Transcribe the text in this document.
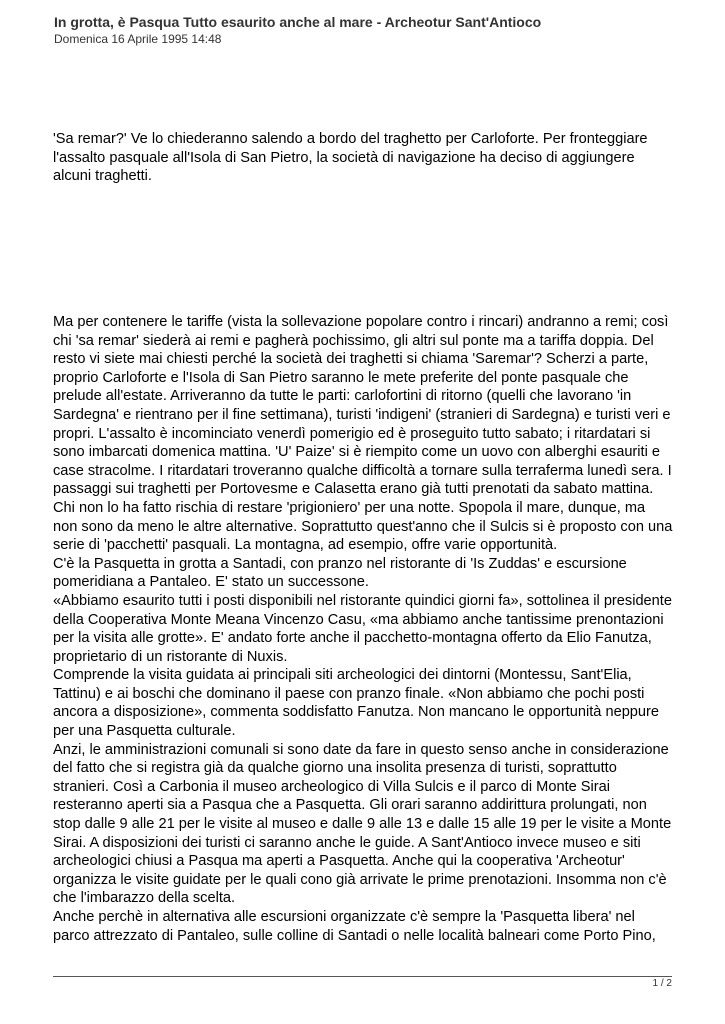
In grotta, è Pasqua Tutto esaurito anche al mare - Archeotur Sant'Antioco
Domenica 16 Aprile 1995 14:48
'Sa remar?' Ve lo chiederanno salendo a bordo del traghetto per Carloforte. Per fronteggiare
l'assalto pasquale all'Isola di San Pietro, la società di navigazione ha deciso di aggiungere
alcuni traghetti.
Ma per contenere le tariffe (vista la sollevazione popolare contro i rincari) andranno a remi; così
chi 'sa remar' siederà ai remi e pagherà pochissimo, gli altri sul ponte ma a tariffa doppia. Del
resto vi siete mai chiesti perché la società dei traghetti si chiama 'Saremar'? Scherzi a parte,
proprio Carloforte e l'Isola di San Pietro saranno le mete preferite del ponte pasquale che
prelude all'estate. Arriveranno da tutte le parti: carlofortini di ritorno (quelli che lavorano 'in
Sardegna' e rientrano per il fine settimana), turisti 'indigeni' (stranieri di Sardegna) e turisti veri e
propri. L'assalto è incominciato venerdì pomerigio ed è proseguito tutto sabato; i ritardatari si
sono imbarcati domenica mattina. 'U' Paize' si è riempito come un uovo con alberghi esauriti e
case stracolme. I ritardatari troveranno qualche difficoltà a tornare sulla terraferma lunedì sera. I
passaggi sui traghetti per Portovesme e Calasetta erano già tutti prenotati da sabato mattina.
Chi non lo ha fatto rischia di restare 'prigioniero' per una notte. Spopola il mare, dunque, ma
non sono da meno le altre alternative. Soprattutto quest'anno che il Sulcis si è proposto con una
serie di 'pacchetti' pasquali. La montagna, ad esempio, offre varie opportunità.
C'è la Pasquetta in grotta a Santadi, con pranzo nel ristorante di 'Is Zuddas' e escursione
pomeridiana a Pantaleo. E' stato un successone.
«Abbiamo esaurito tutti i posti disponibili nel ristorante quindici giorni fa», sottolinea il presidente
della Cooperativa Monte Meana Vincenzo Casu, «ma abbiamo anche tantissime prenontazioni
per la visita alle grotte». E' andato forte anche il pacchetto-montagna offerto da Elio Fanutza,
proprietario di un ristorante di Nuxis.
Comprende la visita guidata ai principali siti archeologici dei dintorni (Montessu, Sant'Elia,
Tattinu) e ai boschi che dominano il paese con pranzo finale. «Non abbiamo che pochi posti
ancora a disposizione», commenta soddisfatto Fanutza. Non mancano le opportunità neppure
per una Pasquetta culturale.
Anzi, le amministrazioni comunali si sono date da fare in questo senso anche in considerazione
del fatto che si registra già da qualche giorno una insolita presenza di turisti, soprattutto
stranieri. Così a Carbonia il museo archeologico di Villa Sulcis e il parco di Monte Sirai
resteranno aperti sia a Pasqua che a Pasquetta. Gli orari saranno addirittura prolungati, non
stop dalle 9 alle 21 per le visite al museo e dalle 9 alle 13 e dalle 15 alle 19 per le visite a Monte
Sirai. A disposizioni dei turisti ci saranno anche le guide. A Sant'Antioco invece museo e siti
archeologici chiusi a Pasqua ma aperti a Pasquetta. Anche qui la cooperativa 'Archeotur'
organizza le visite guidate per le quali cono già arrivate le prime prenotazioni. Insomma non c'è
che l'imbarazzo della scelta.
Anche perchè in alternativa alle escursioni organizzate c'è sempre la 'Pasquetta libera' nel
parco attrezzato di Pantaleo, sulle colline di Santadi o nelle località balneari come Porto Pino,
1 / 2
